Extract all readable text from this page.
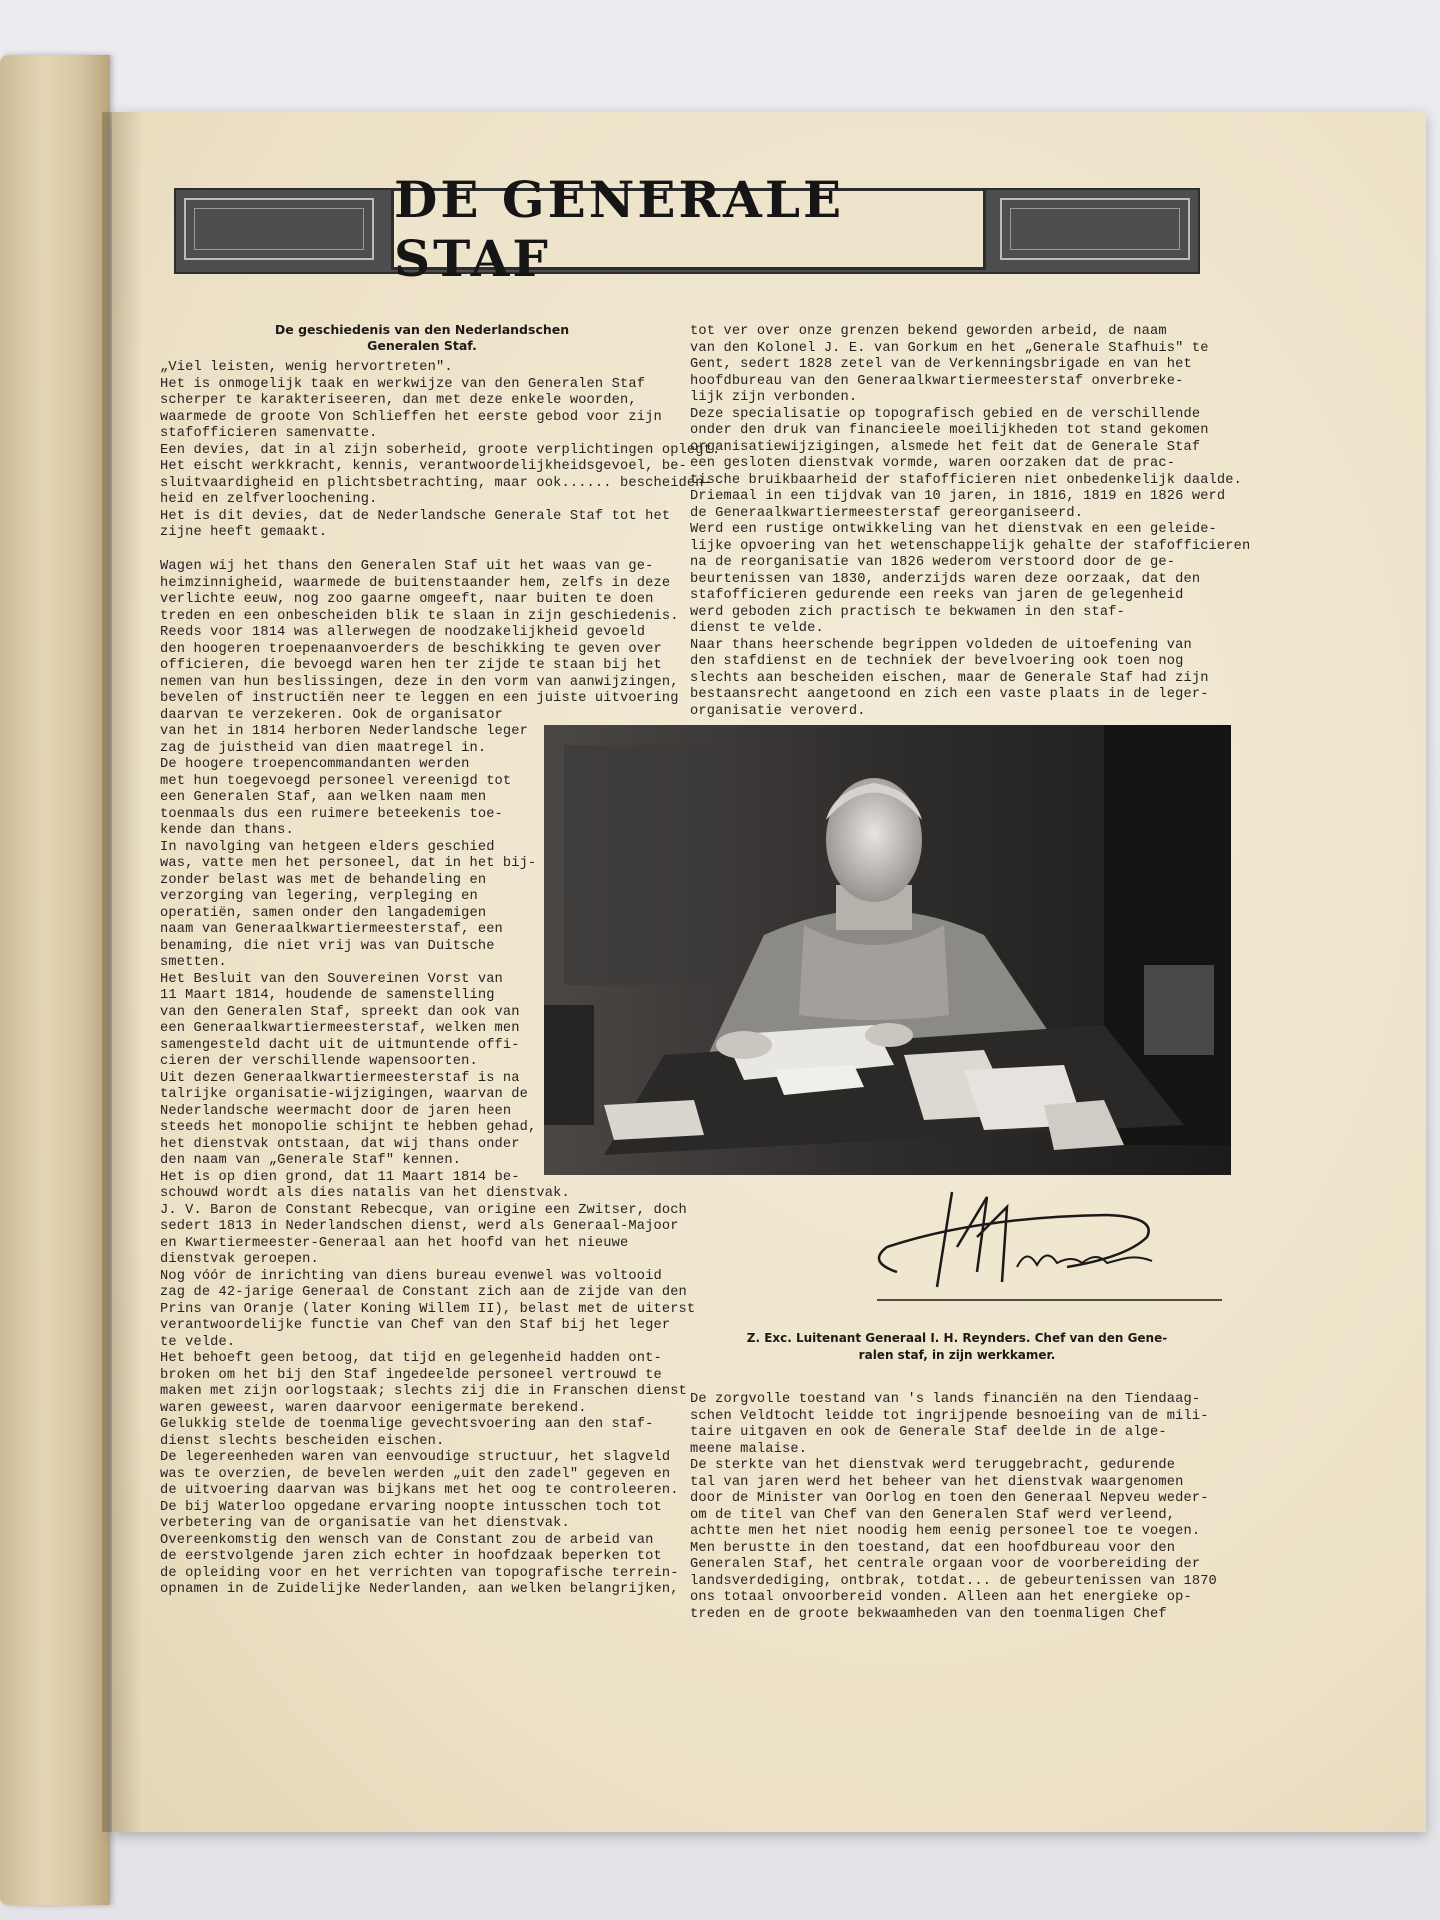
DE GENERALE STAF
De geschiedenis van den Nederlandschen
Generalen Staf.
„Viel leisten, wenig hervortreten".
Het is onmogelijk taak en werkwijze van den Generalen Staf
scherper te karakteriseeren, dan met deze enkele woorden,
waarmede de groote Von Schlieffen het eerste gebod voor zijn
stafofficieren samenvatte.
Een devies, dat in al zijn soberheid, groote verplichtingen oplegt.
Het eischt werkkracht, kennis, verantwoordelijkheidsgevoel, be-
sluitvaardigheid en plichtsbetrachting, maar ook...... bescheiden-
heid en zelfverloochening.
Het is dit devies, dat de Nederlandsche Generale Staf tot het
zijne heeft gemaakt.
Wagen wij het thans den Generalen Staf uit het waas van ge-
heimzinnigheid, waarmede de buitenstaander hem, zelfs in deze
verlichte eeuw, nog zoo gaarne omgeeft, naar buiten te doen
treden en een onbescheiden blik te slaan in zijn geschiedenis.
Reeds voor 1814 was allerwegen de noodzakelijkheid gevoeld
den hoogeren troepenaanvoerders de beschikking te geven over
officieren, die bevoegd waren hen ter zijde te staan bij het
nemen van hun beslissingen, deze in den vorm van aanwijzingen,
bevelen of instructiën neer te leggen en een juiste uitvoering
daarvan te verzekeren. Ook de organisator
van het in 1814 herboren Nederlandsche leger
zag de juistheid van dien maatregel in.
De hoogere troepencommandanten werden
met hun toegevoegd personeel vereenigd tot
een Generalen Staf, aan welken naam men
toenmaals dus een ruimere beteekenis toe-
kende dan thans.
In navolging van hetgeen elders geschied
was, vatte men het personeel, dat in het bij-
zonder belast was met de behandeling en
verzorging van legering, verpleging en
operatiën, samen onder den langademigen
naam van Generaalkwartiermeesterstaf, een
benaming, die niet vrij was van Duitsche
smetten.
Het Besluit van den Souvereinen Vorst van
11 Maart 1814, houdende de samenstelling
van den Generalen Staf, spreekt dan ook van
een Generaalkwartiermeesterstaf, welken men
samengesteld dacht uit de uitmuntende offi-
cieren der verschillende wapensoorten.
Uit dezen Generaalkwartiermeesterstaf is na
talrijke organisatie-wijzigingen, waarvan de
Nederlandsche weermacht door de jaren heen
steeds het monopolie schijnt te hebben gehad,
het dienstvak ontstaan, dat wij thans onder
den naam van „Generale Staf" kennen.
Het is op dien grond, dat 11 Maart 1814 be-
schouwd wordt als dies natalis van het dienstvak.
J. V. Baron de Constant Rebecque, van origine een Zwitser, doch
sedert 1813 in Nederlandschen dienst, werd als Generaal-Majoor
en Kwartiermeester-Generaal aan het hoofd van het nieuwe
dienstvak geroepen.
Nog vóór de inrichting van diens bureau evenwel was voltooid
zag de 42-jarige Generaal de Constant zich aan de zijde van den
Prins van Oranje (later Koning Willem II), belast met de uiterst
verantwoordelijke functie van Chef van den Staf bij het leger
te velde.
Het behoeft geen betoog, dat tijd en gelegenheid hadden ont-
broken om het bij den Staf ingedeelde personeel vertrouwd te
maken met zijn oorlogstaak; slechts zij die in Franschen dienst
waren geweest, waren daarvoor eenigermate berekend.
Gelukkig stelde de toenmalige gevechtsvoering aan den staf-
dienst slechts bescheiden eischen.
De legereenheden waren van eenvoudige structuur, het slagveld
was te overzien, de bevelen werden „uit den zadel" gegeven en
de uitvoering daarvan was bijkans met het oog te controleeren.
De bij Waterloo opgedane ervaring noopte intusschen toch tot
verbetering van de organisatie van het dienstvak.
Overeenkomstig den wensch van de Constant zou de arbeid van
de eerstvolgende jaren zich echter in hoofdzaak beperken tot
de opleiding voor en het verrichten van topografische terrein-
opnamen in de Zuidelijke Nederlanden, aan welken belangrijken,
tot ver over onze grenzen bekend geworden arbeid, de naam
van den Kolonel J. E. van Gorkum en het „Generale Stafhuis" te
Gent, sedert 1828 zetel van de Verkenningsbrigade en van het
hoofdbureau van den Generaalkwartiermeesterstaf onverbreke-
lijk zijn verbonden.
Deze specialisatie op topografisch gebied en de verschillende
onder den druk van financieele moeilijkheden tot stand gekomen
organisatiewijzigingen, alsmede het feit dat de Generale Staf
een gesloten dienstvak vormde, waren oorzaken dat de prac-
tische bruikbaarheid der stafofficieren niet onbedenkelijk daalde.
Driemaal in een tijdvak van 10 jaren, in 1816, 1819 en 1826 werd
de Generaalkwartiermeesterstaf gereorganiseerd.
Werd een rustige ontwikkeling van het dienstvak en een geleide-
lijke opvoering van het wetenschappelijk gehalte der stafofficieren
na de reorganisatie van 1826 wederom verstoord door de ge-
beurtenissen van 1830, anderzijds waren deze oorzaak, dat den
stafofficieren gedurende een reeks van jaren de gelegenheid
werd geboden zich practisch te bekwamen in den staf-
dienst te velde.
Naar thans heerschende begrippen voldeden de uitoefening van
den stafdienst en de techniek der bevelvoering ook toen nog
slechts aan bescheiden eischen, maar de Generale Staf had zijn
bestaansrecht aangetoond en zich een vaste plaats in de leger-
organisatie veroverd.
Z. Exc. Luitenant Generaal I. H. Reynders. Chef van den Gene-
ralen staf, in zijn werkkamer.
De zorgvolle toestand van 's lands financiën na den Tiendaag-
schen Veldtocht leidde tot ingrijpende besnoeiing van de mili-
taire uitgaven en ook de Generale Staf deelde in de alge-
meene malaise.
De sterkte van het dienstvak werd teruggebracht, gedurende
tal van jaren werd het beheer van het dienstvak waargenomen
door de Minister van Oorlog en toen den Generaal Nepveu weder-
om de titel van Chef van den Generalen Staf werd verleend,
achtte men het niet noodig hem eenig personeel toe te voegen.
Men berustte in den toestand, dat een hoofdbureau voor den
Generalen Staf, het centrale orgaan voor de voorbereiding der
landsverdediging, ontbrak, totdat... de gebeurtenissen van 1870
ons totaal onvoorbereid vonden. Alleen aan het energieke op-
treden en de groote bekwaamheden van den toenmaligen Chef
